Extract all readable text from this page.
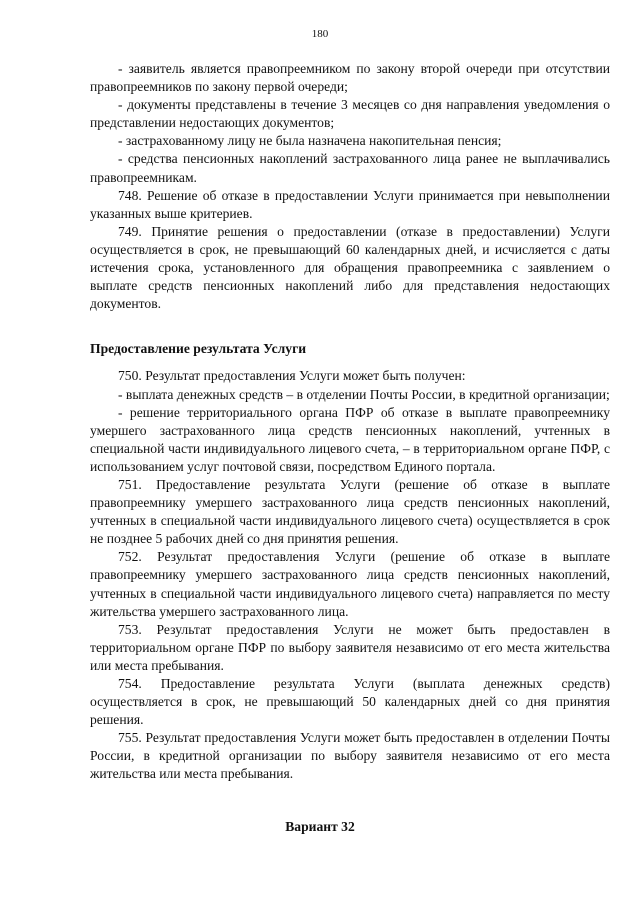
180

- заявитель является правопреемником по закону второй очереди при отсутствии правопреемников по закону первой очереди;

- документы представлены в течение 3 месяцев со дня направления уведомления о представлении недостающих документов;

- застрахованному лицу не была назначена накопительная пенсия;

- средства пенсионных накоплений застрахованного лица ранее не выплачивались правопреемникам.

748. Решение об отказе в предоставлении Услуги принимается при невыполнении указанных выше критериев.

749. Принятие решения о предоставлении (отказе в предоставлении) Услуги осуществляется в срок, не превышающий 60 календарных дней, и исчисляется с даты истечения срока, установленного для обращения правопреемника с заявлением о выплате средств пенсионных накоплений либо для представления недостающих документов.

Предоставление результата Услуги

750. Результат предоставления Услуги может быть получен:

- выплата денежных средств – в отделении Почты России, в кредитной организации;

- решение территориального органа ПФР об отказе в выплате правопреемнику умершего застрахованного лица средств пенсионных накоплений, учтенных в специальной части индивидуального лицевого счета, – в территориальном органе ПФР, с использованием услуг почтовой связи, посредством Единого портала.

751. Предоставление результата Услуги (решение об отказе в выплате правопреемнику умершего застрахованного лица средств пенсионных накоплений, учтенных в специальной части индивидуального лицевого счета) осуществляется в срок не позднее 5 рабочих дней со дня принятия решения.

752. Результат предоставления Услуги (решение об отказе в выплате правопреемнику умершего застрахованного лица средств пенсионных накоплений, учтенных в специальной части индивидуального лицевого счета) направляется по месту жительства умершего застрахованного лица.

753. Результат предоставления Услуги не может быть предоставлен в территориальном органе ПФР по выбору заявителя независимо от его места жительства или места пребывания.

754. Предоставление результата Услуги (выплата денежных средств) осуществляется в срок, не превышающий 50 календарных дней со дня принятия решения.

755. Результат предоставления Услуги может быть предоставлен в отделении Почты России, в кредитной организации по выбору заявителя независимо от его места жительства или места пребывания.

Вариант 32
